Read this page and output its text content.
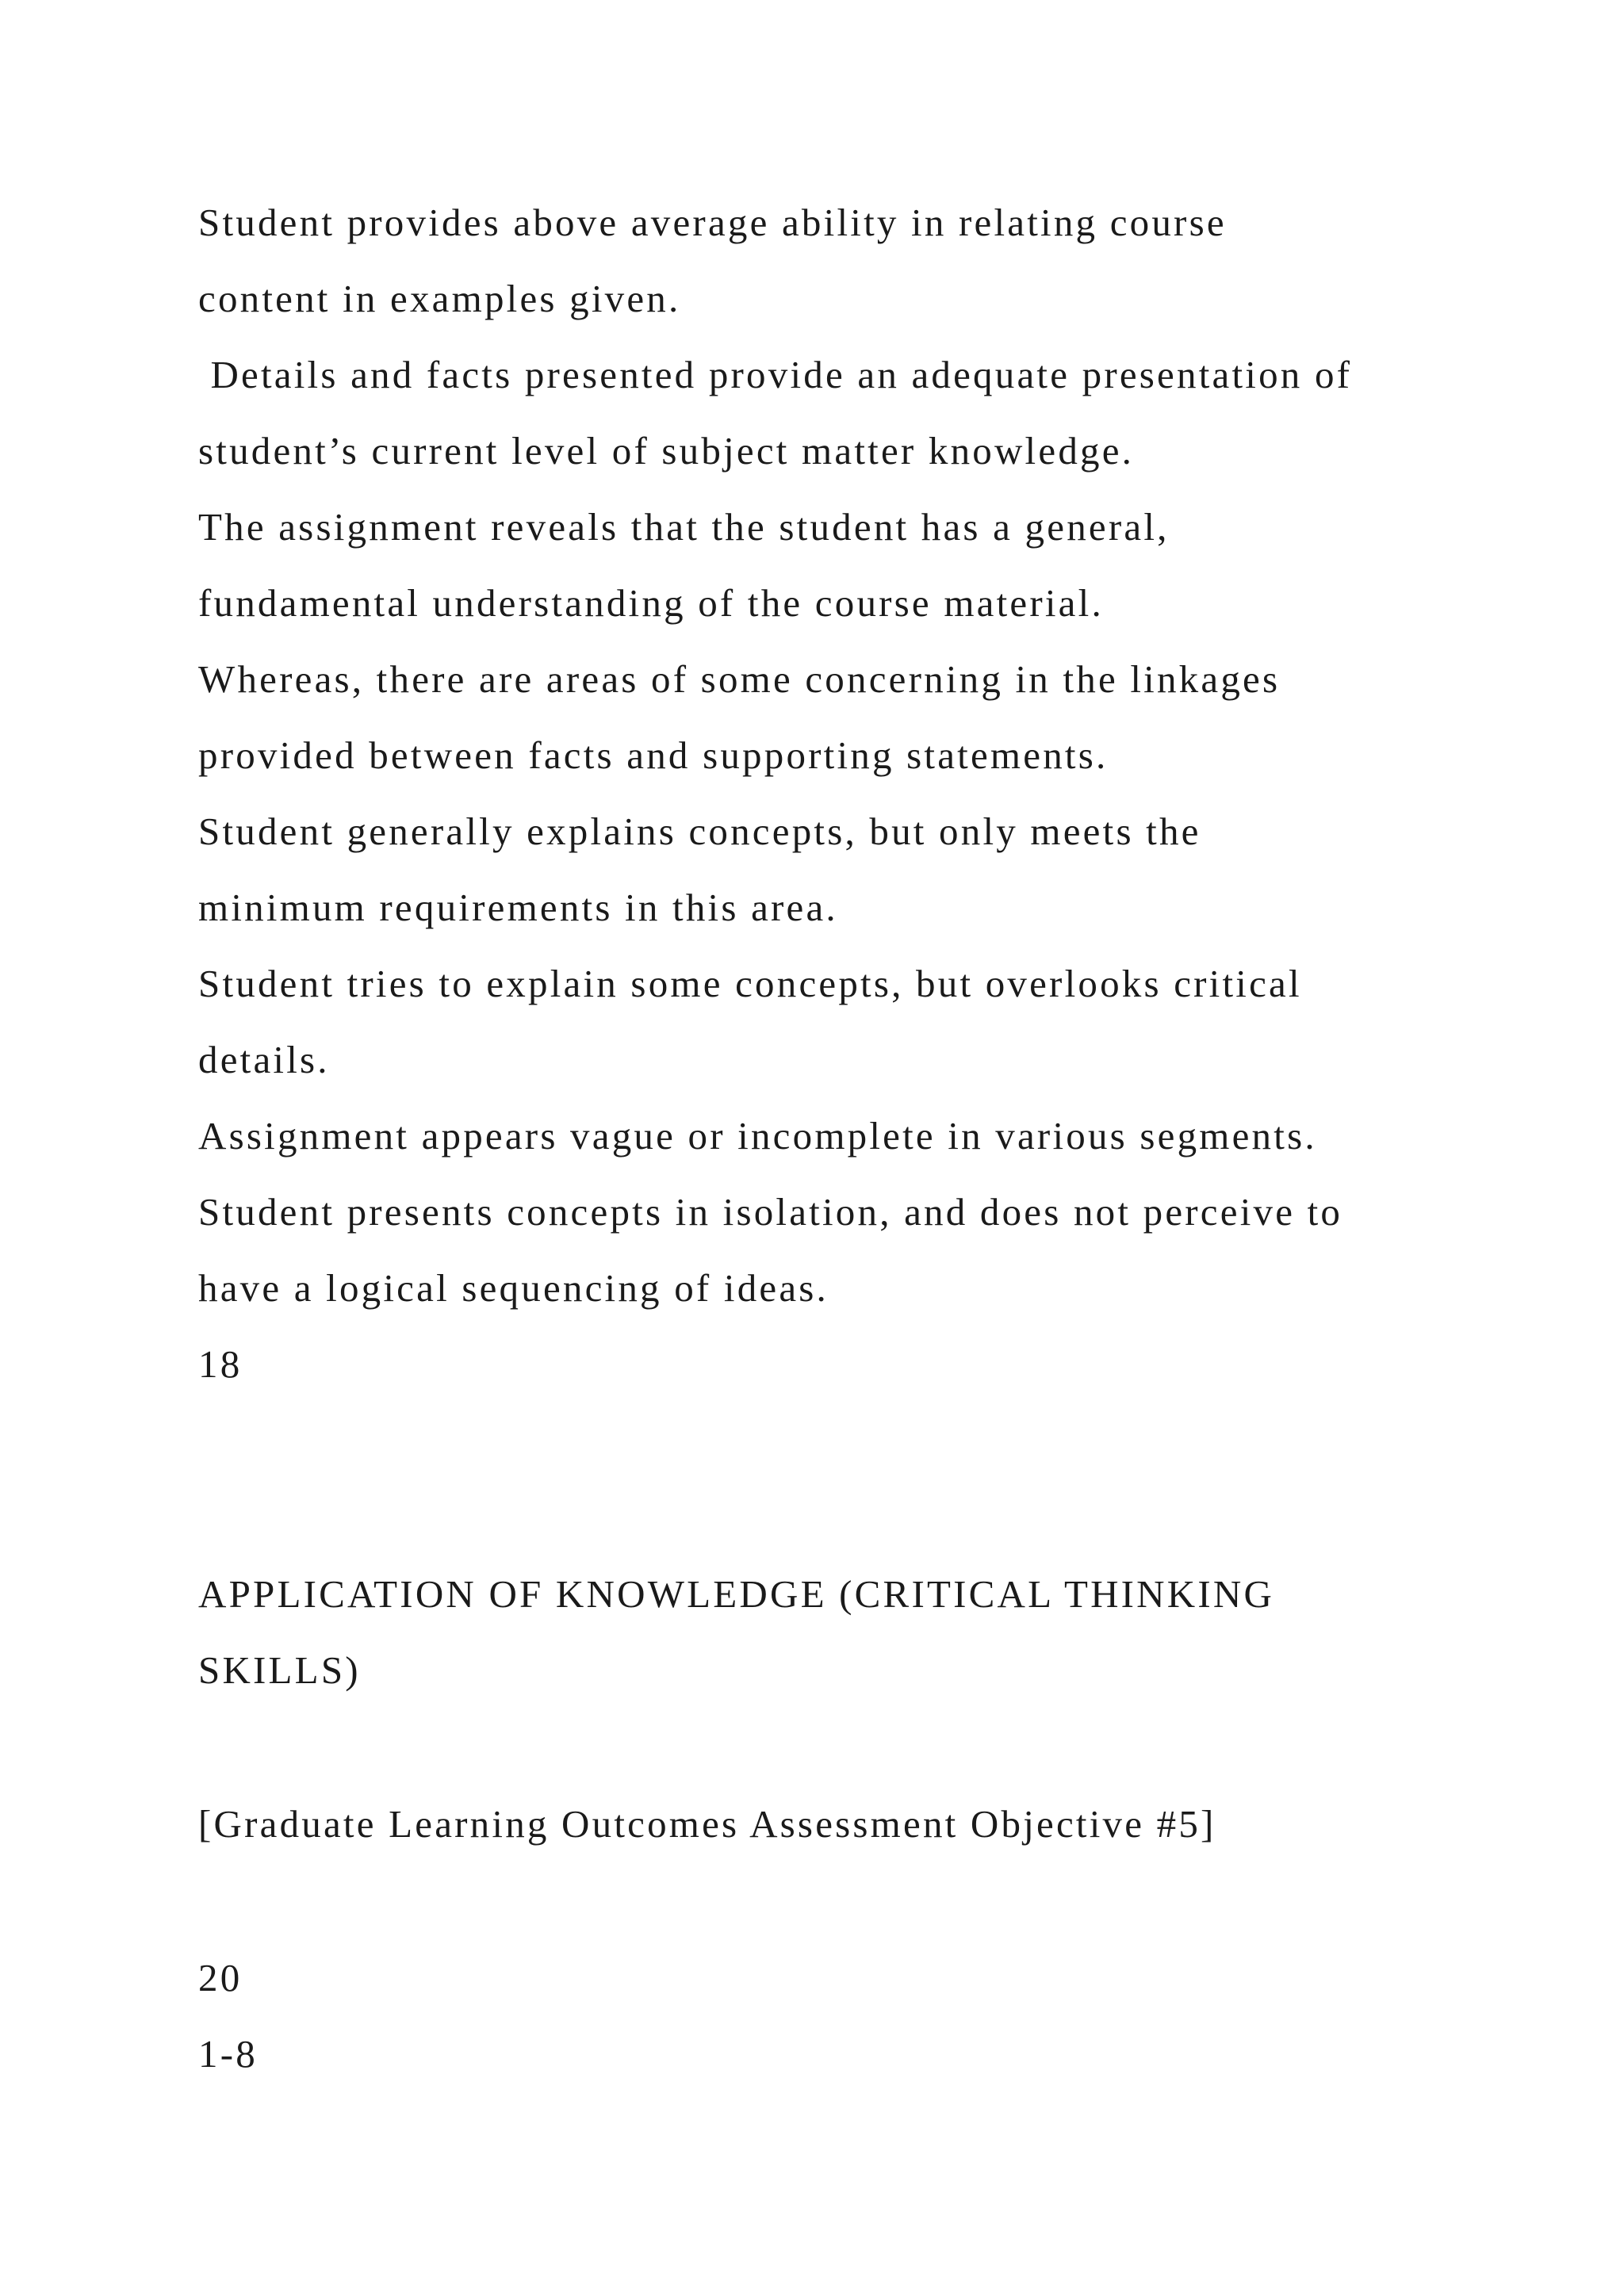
Student provides above average ability in relating course
content in examples given.
Details and facts presented provide an adequate presentation of
student’s current level of subject matter knowledge.
The assignment reveals that the student has a general,
fundamental understanding of the course material.
Whereas, there are areas of some concerning in the linkages
provided between facts and supporting statements.
Student generally explains concepts, but only meets the
minimum requirements in this area.
Student tries to explain some concepts, but overlooks critical
details.
Assignment appears vague or incomplete in various segments.
Student presents concepts in isolation, and does not perceive to
have a logical sequencing of ideas.
18
APPLICATION OF KNOWLEDGE (CRITICAL THINKING
SKILLS)
[Graduate Learning Outcomes Assessment Objective #5]
20
1-8
